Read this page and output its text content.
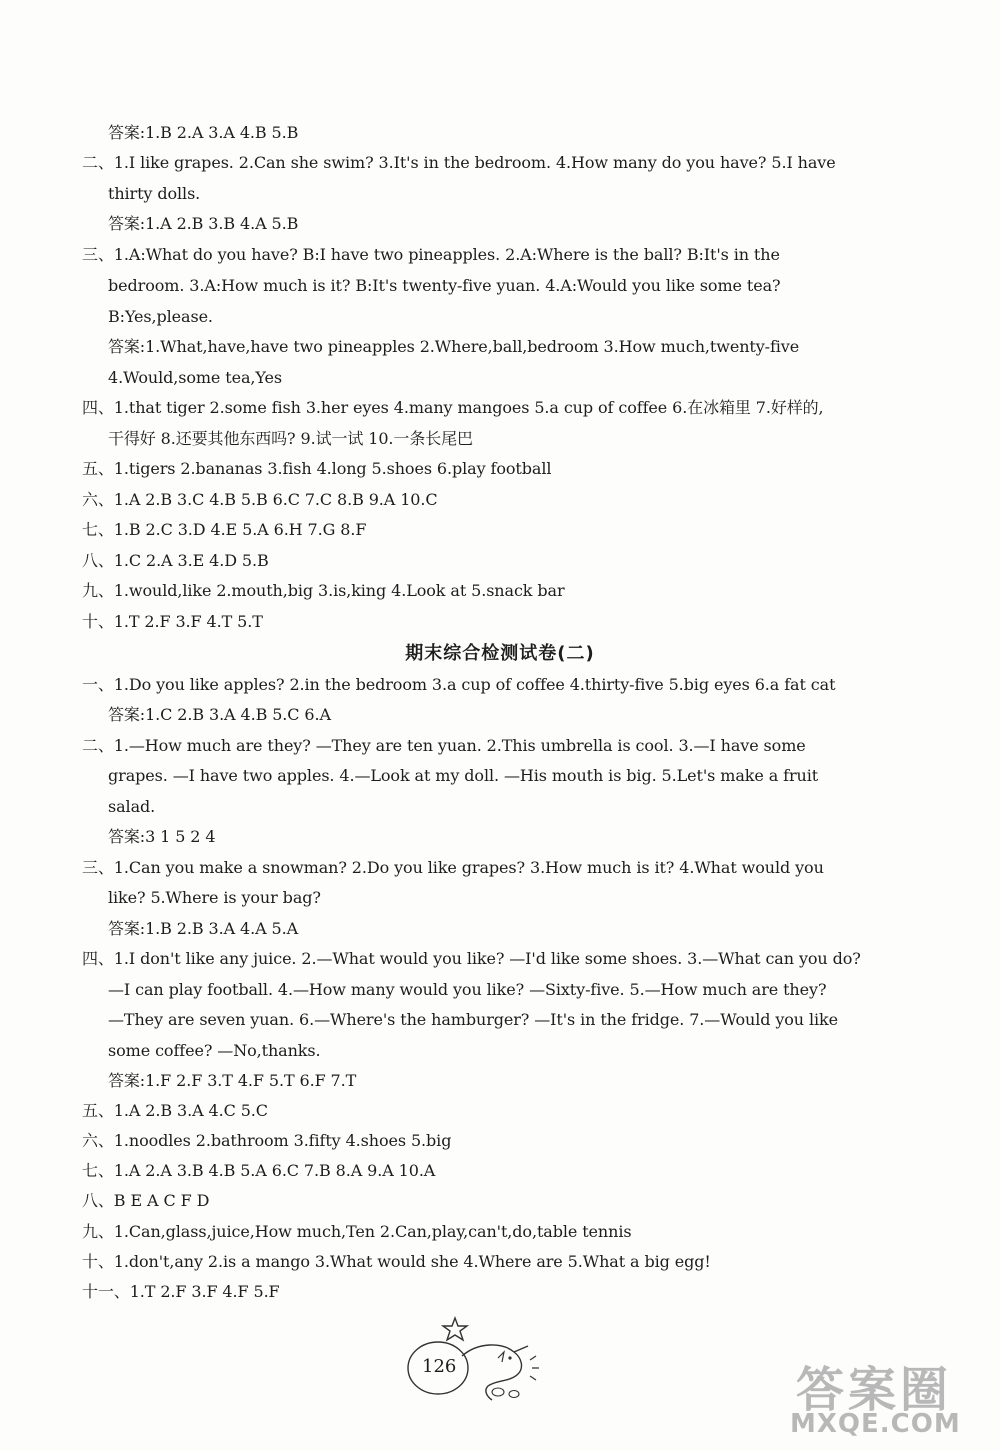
答案:1.B 2.A 3.A 4.B 5.B
二、1.I like grapes. 2.Can she swim? 3.It's in the bedroom. 4.How many do you have? 5.I have
thirty dolls.
答案:1.A 2.B 3.B 4.A 5.B
三、1.A:What do you have? B:I have two pineapples. 2.A:Where is the ball? B:It's in the
bedroom. 3.A:How much is it? B:It's twenty-five yuan. 4.A:Would you like some tea?
B:Yes,please.
答案:1.What,have,have two pineapples 2.Where,ball,bedroom 3.How much,twenty-five
4.Would,some tea,Yes
四、1.that tiger 2.some fish 3.her eyes 4.many mangoes 5.a cup of coffee 6.在冰箱里 7.好样的,
干得好 8.还要其他东西吗? 9.试一试 10.一条长尾巴
五、1.tigers 2.bananas 3.fish 4.long 5.shoes 6.play football
六、1.A 2.B 3.C 4.B 5.B 6.C 7.C 8.B 9.A 10.C
七、1.B 2.C 3.D 4.E 5.A 6.H 7.G 8.F
八、1.C 2.A 3.E 4.D 5.B
九、1.would,like 2.mouth,big 3.is,king 4.Look at 5.snack bar
十、1.T 2.F 3.F 4.T 5.T
期末综合检测试卷(二)
一、1.Do you like apples? 2.in the bedroom 3.a cup of coffee 4.thirty-five 5.big eyes 6.a fat cat
答案:1.C 2.B 3.A 4.B 5.C 6.A
二、1.—How much are they? —They are ten yuan. 2.This umbrella is cool. 3.—I have some
grapes. —I have two apples. 4.—Look at my doll. —His mouth is big. 5.Let's make a fruit
salad.
答案:3 1 5 2 4
三、1.Can you make a snowman? 2.Do you like grapes? 3.How much is it? 4.What would you
like? 5.Where is your bag?
答案:1.B 2.B 3.A 4.A 5.A
四、1.I don't like any juice. 2.—What would you like? —I'd like some shoes. 3.—What can you do?
—I can play football. 4.—How many would you like? —Sixty-five. 5.—How much are they?
—They are seven yuan. 6.—Where's the hamburger? —It's in the fridge. 7.—Would you like
some coffee? —No,thanks.
答案:1.F 2.F 3.T 4.F 5.T 6.F 7.T
五、1.A 2.B 3.A 4.C 5.C
六、1.noodles 2.bathroom 3.fifty 4.shoes 5.big
七、1.A 2.A 3.B 4.B 5.A 6.C 7.B 8.A 9.A 10.A
八、B E A C F D
九、1.Can,glass,juice,How much,Ten 2.Can,play,can't,do,table tennis
十、1.don't,any 2.is a mango 3.What would she 4.Where are 5.What a big egg!
十一、1.T 2.F 3.F 4.F 5.F
126	答案圈
MXQE.COM
